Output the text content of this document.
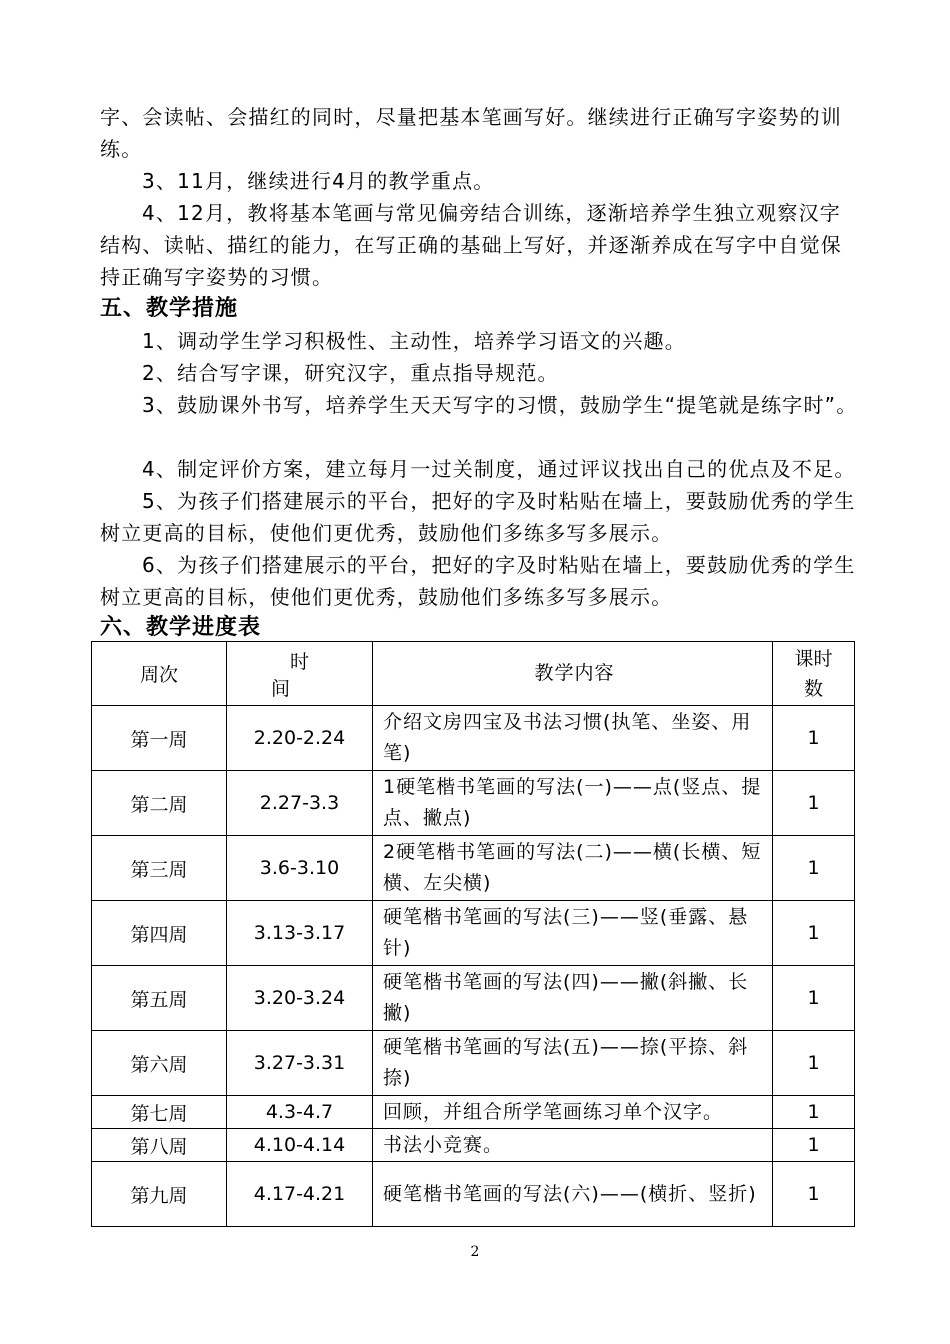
字、会读帖、会描红的同时，尽量把基本笔画写好。继续进行正确写字姿势的训练。
3、11月，继续进行4月的教学重点。
4、12月，教将基本笔画与常见偏旁结合训练，逐渐培养学生独立观察汉字结构、读帖、描红的能力，在写正确的基础上写好，并逐渐养成在写字中自觉保持正确写字姿势的习惯。
五、教学措施
1、调动学生学习积极性、主动性，培养学习语文的兴趣。
2、结合写字课，研究汉字，重点指导规范。
3、鼓励课外书写，培养学生天天写字的习惯，鼓励学生“提笔就是练字时”。
4、制定评价方案，建立每月一过关制度，通过评议找出自己的优点及不足。
5、为孩子们搭建展示的平台，把好的字及时粘贴在墙上，要鼓励优秀的学生树立更高的目标，使他们更优秀，鼓励他们多练多写多展示。
6、为孩子们搭建展示的平台，把好的字及时粘贴在墙上，要鼓励优秀的学生树立更高的目标，使他们更优秀，鼓励他们多练多写多展示。
六、教学进度表
周次	时间	教学内容	课时数
第一周	2.20-2.24	介绍文房四宝及书法习惯(执笔、坐姿、用笔)	1
第二周	2.27-3.3	1硬笔楷书笔画的写法(一)——点(竖点、提点、撇点)	1
第三周	3.6-3.10	2硬笔楷书笔画的写法(二)——横(长横、短横、左尖横)	1
第四周	3.13-3.17	硬笔楷书笔画的写法(三)——竖(垂露、悬针)	1
第五周	3.20-3.24	硬笔楷书笔画的写法(四)——撇(斜撇、长撇)	1
第六周	3.27-3.31	硬笔楷书笔画的写法(五)——捺(平捺、斜捺)	1
第七周	4.3-4.7	回顾，并组合所学笔画练习单个汉字。	1
第八周	4.10-4.14	书法小竞赛。	1
第九周	4.17-4.21	硬笔楷书笔画的写法(六)——(横折、竖折)	1
2
